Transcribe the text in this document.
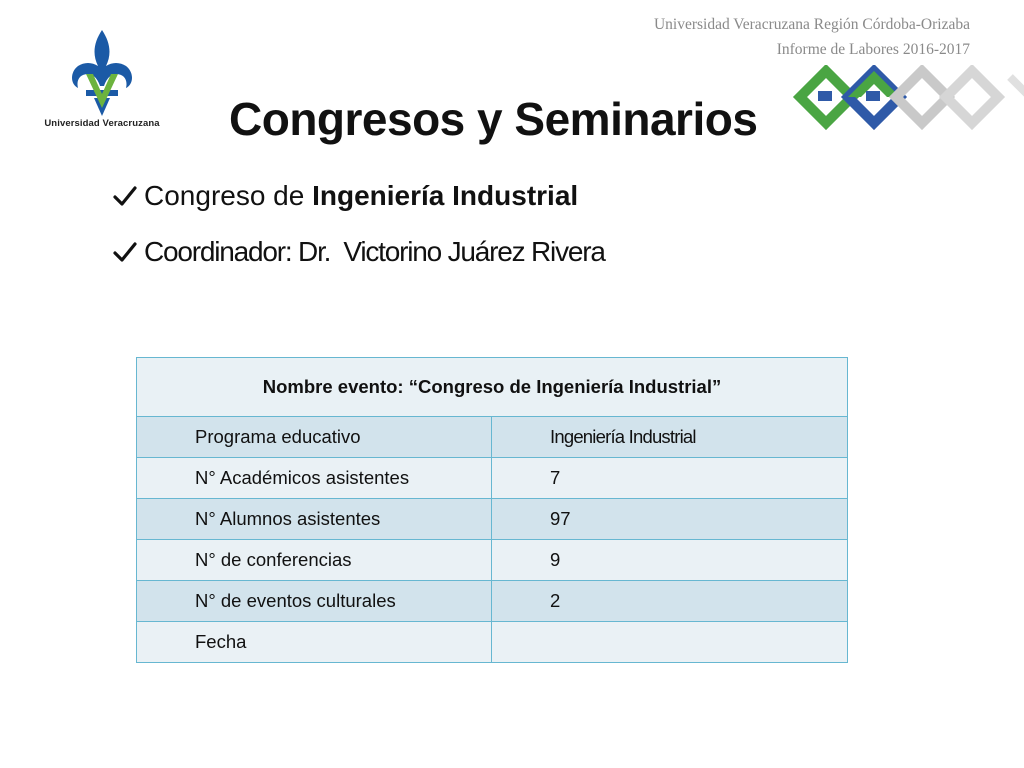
Universidad Veracruzana Región Córdoba-Orizaba
Informe de Labores 2016-2017
Universidad Veracruzana Congresos y Seminarios
Congreso de Ingeniería Industrial
Coordinador: Dr.  Victorino Juárez Rivera
Nombre evento: “Congreso de Ingeniería Industrial”	
Programa educativo	Ingeniería Industrial
N° Académicos asistentes	7
N° Alumnos asistentes	97
N° de conferencias	9
N° de eventos culturales	2
Fecha	
